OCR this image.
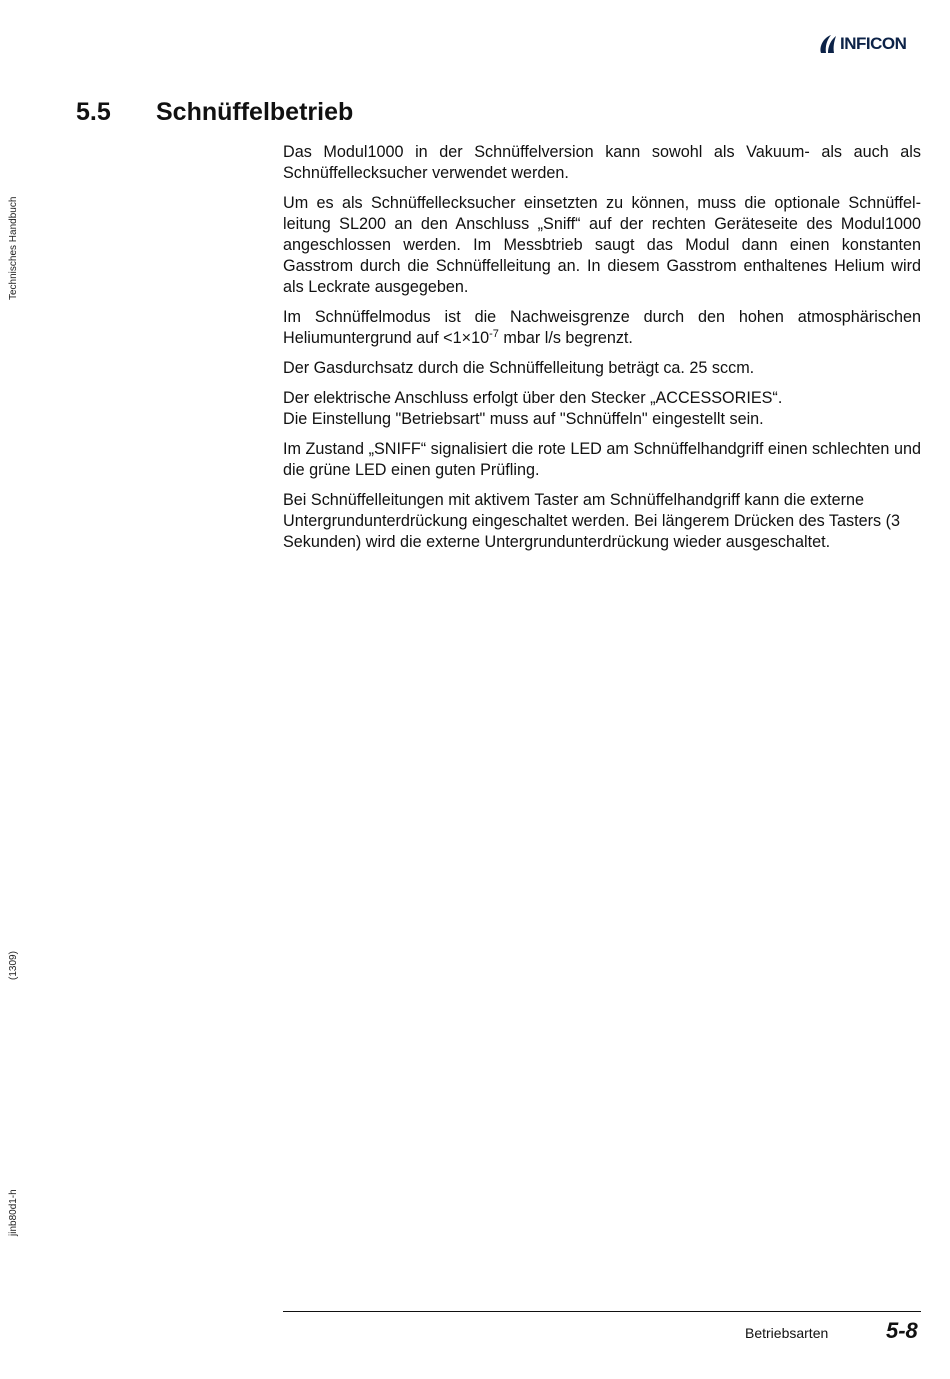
INFICON
Technisches Handbuch
(1309)
jinb80d1-h
5.5	Schnüffelbetrieb

Das Modul1000 in der Schnüffelversion kann sowohl als Vakuum- als auch als Schnüffellecksucher verwendet werden.

Um es als Schnüffellecksucher einsetzten zu können, muss die optionale Schnüffel-leitung SL200 an den Anschluss „Sniff“ auf der rechten Geräteseite des Modul1000 angeschlossen werden. Im Messbtrieb saugt das Modul dann einen konstanten Gasstrom durch die Schnüffelleitung an. In diesem Gasstrom enthaltenes Helium wird als Leckrate ausgegeben.

Im Schnüffelmodus ist die Nachweisgrenze durch den hohen atmosphärischen Heliumuntergrund auf $<1\times 10^{-7}$ mbar l/s begrenzt.

Der Gasdurchsatz durch die Schnüffelleitung beträgt ca. 25 sccm.

Der elektrische Anschluss erfolgt über den Stecker „ACCESSORIES“.
Die Einstellung "Betriebsart" muss auf "Schnüffeln" eingestellt sein.

Im Zustand „SNIFF“ signalisiert die rote LED am Schnüffelhandgriff einen schlechten und die grüne LED einen guten Prüfling.

Bei Schnüffelleitungen mit aktivem Taster am Schnüffelhandgriff kann die externe Untergrundunterdrückung eingeschaltet werden. Bei längerem Drücken des Tasters (3 Sekunden) wird die externe Untergrundunterdrückung wieder ausgeschaltet.

Betriebsarten	5-8
